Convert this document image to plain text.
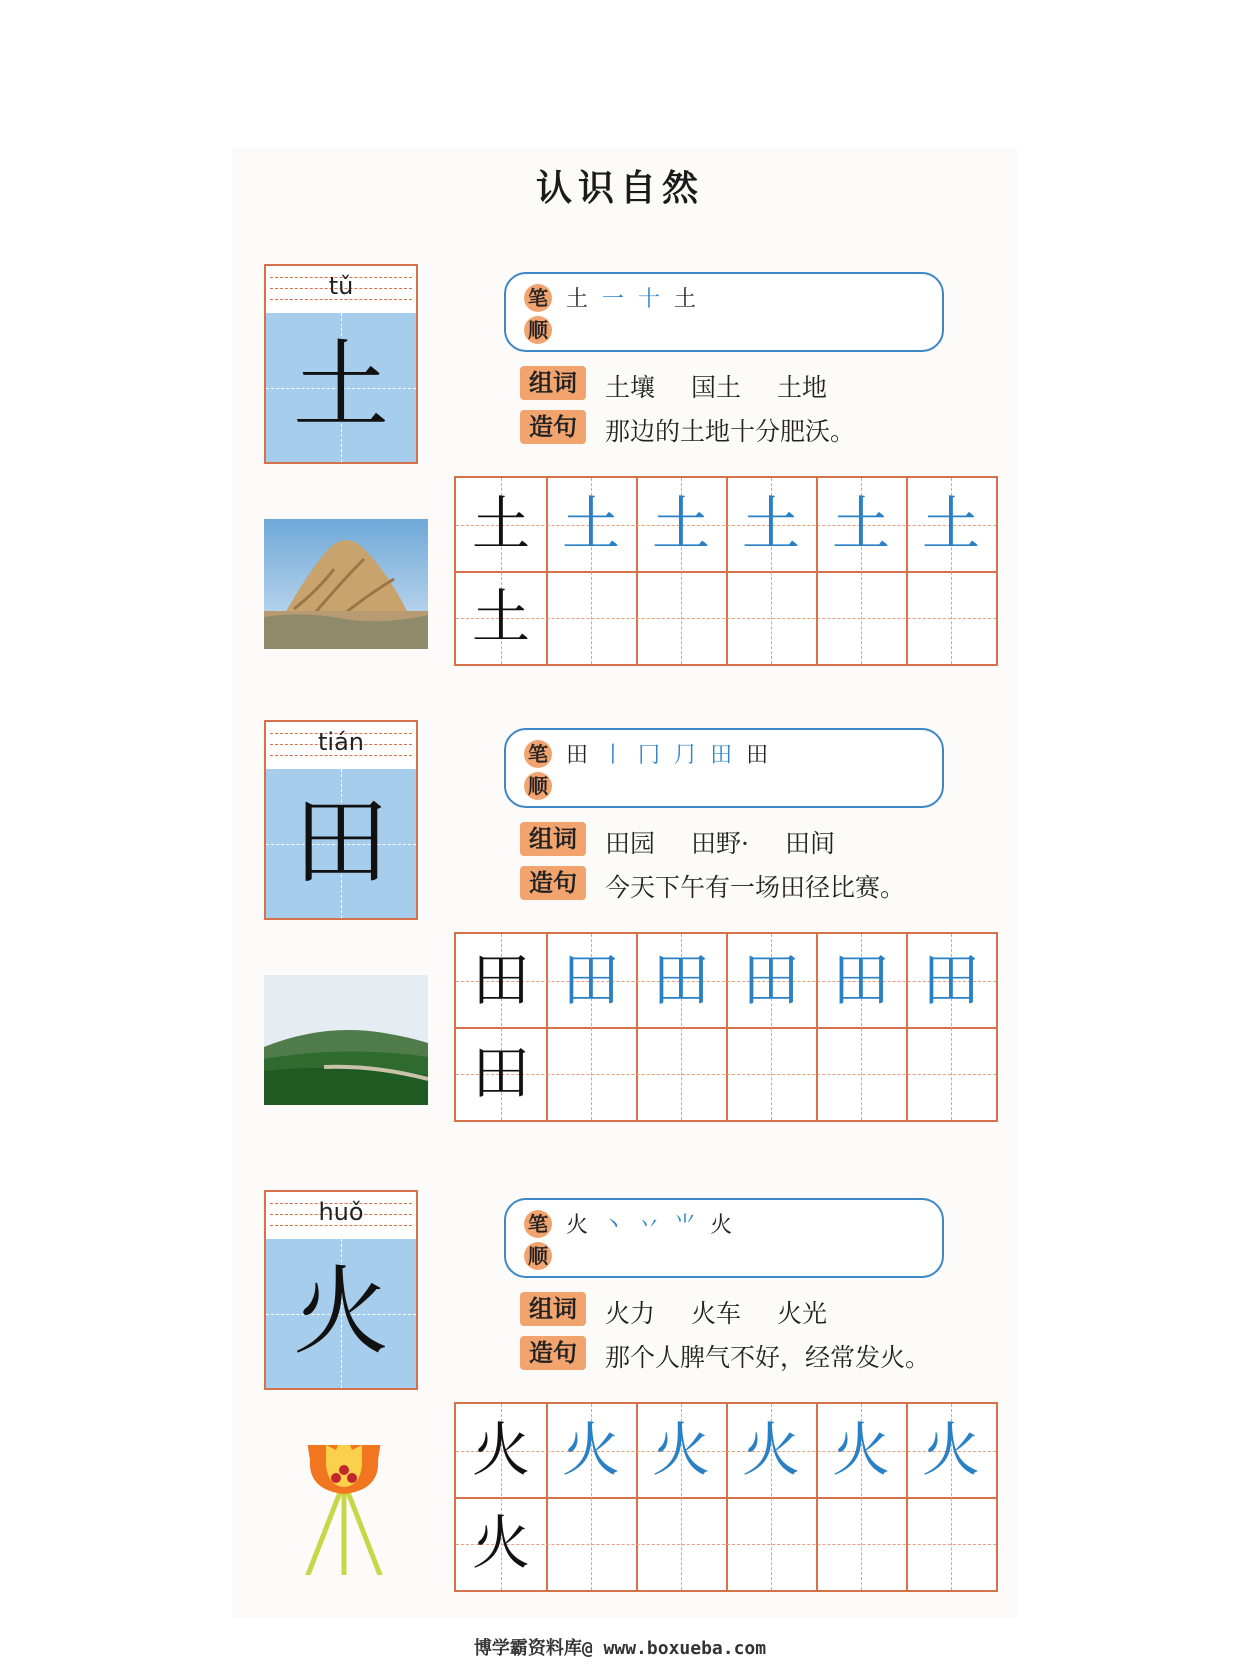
认识自然
tǔ
土
笔
顺
土 一 十 土
组词	土壤 国土 土地
造句	那边的土地十分肥沃。
土 土 土 土 土 土
土
tián
田
笔
顺
田 丨 冂 ⺆ 田 田
组词	田园 田野· 田间
造句	今天下午有一场田径比赛。
田 田 田 田 田 田
田
huǒ
火
笔
顺
火 丶 丷 ⺌ 火
组词	火力 火车 火光
造句	那个人脾气不好，经常发火。
火 火 火 火 火 火
火
博学霸资料库@ www.boxueba.com
